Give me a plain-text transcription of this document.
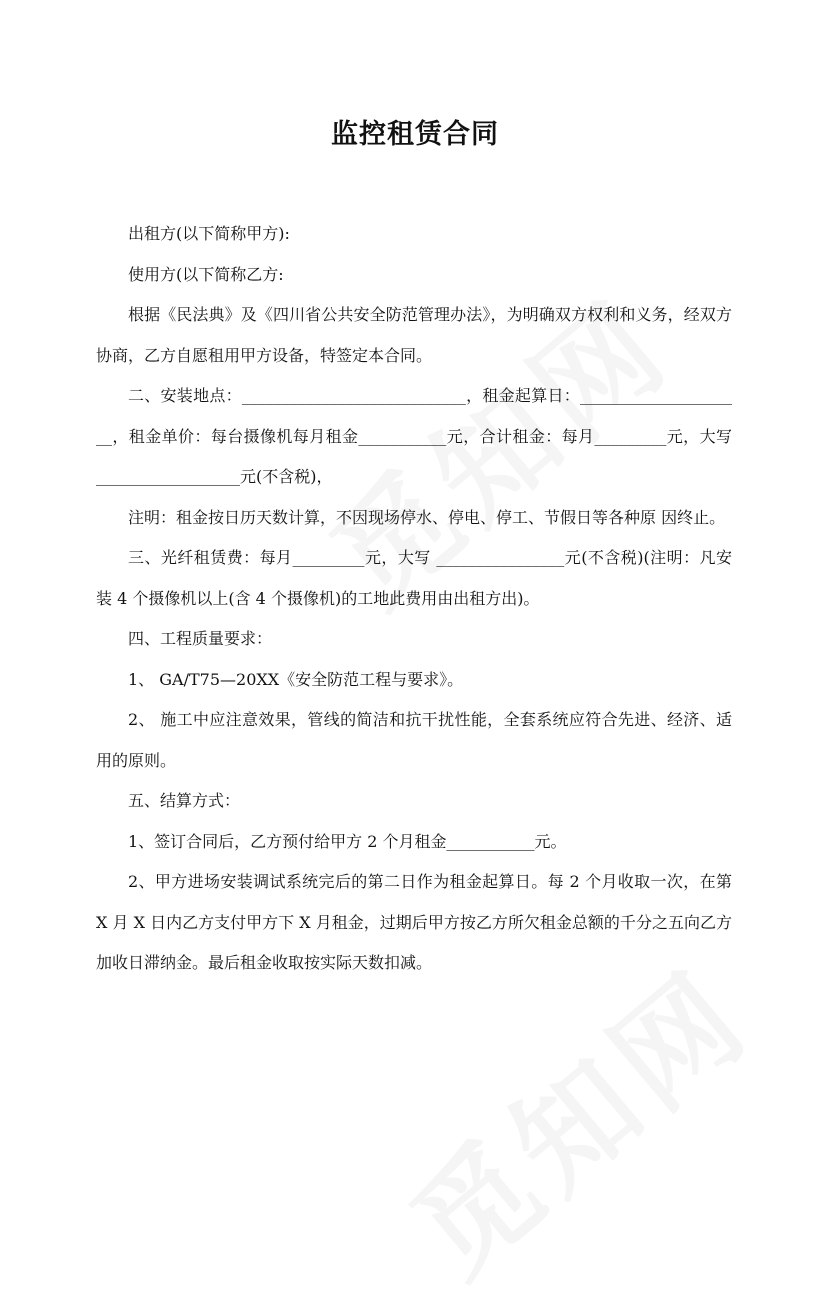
监控租赁合同

出租方(以下简称甲方):

使用方(以下简称乙方:

根据《民法典》及《四川省公共安全防范管理办法》，为明确双方权利和义务，经双方协商，乙方自愿租用甲方设备，特签定本合同。

二、安装地点：____________________________，租金起算日：_____________________，租金单价：每台摄像机每月租金___________元，合计租金：每月_________元，大写 __________________元(不含税)，

注明：租金按日历天数计算，不因现场停水、停电、停工、节假日等各种原 因终止。

三、光纤租赁费：每月_________元，大写 ________________元(不含税)(注明：凡安装 4 个摄像机以上(含 4 个摄像机)的工地此费用由出租方出)。

四、工程质量要求：

1、 GA/T75—20XX《安全防范工程与要求》。

2、 施工中应注意效果，管线的简洁和抗干扰性能，全套系统应符合先进、经济、适用的原则。

五、结算方式：

1、签订合同后，乙方预付给甲方 2 个月租金___________元。

2、甲方进场安装调试系统完后的第二日作为租金起算日。每 2 个月收取一次，在第 X 月 X 日内乙方支付甲方下 X 月租金，过期后甲方按乙方所欠租金总额的千分之五向乙方加收日滞纳金。最后租金收取按实际天数扣减。
